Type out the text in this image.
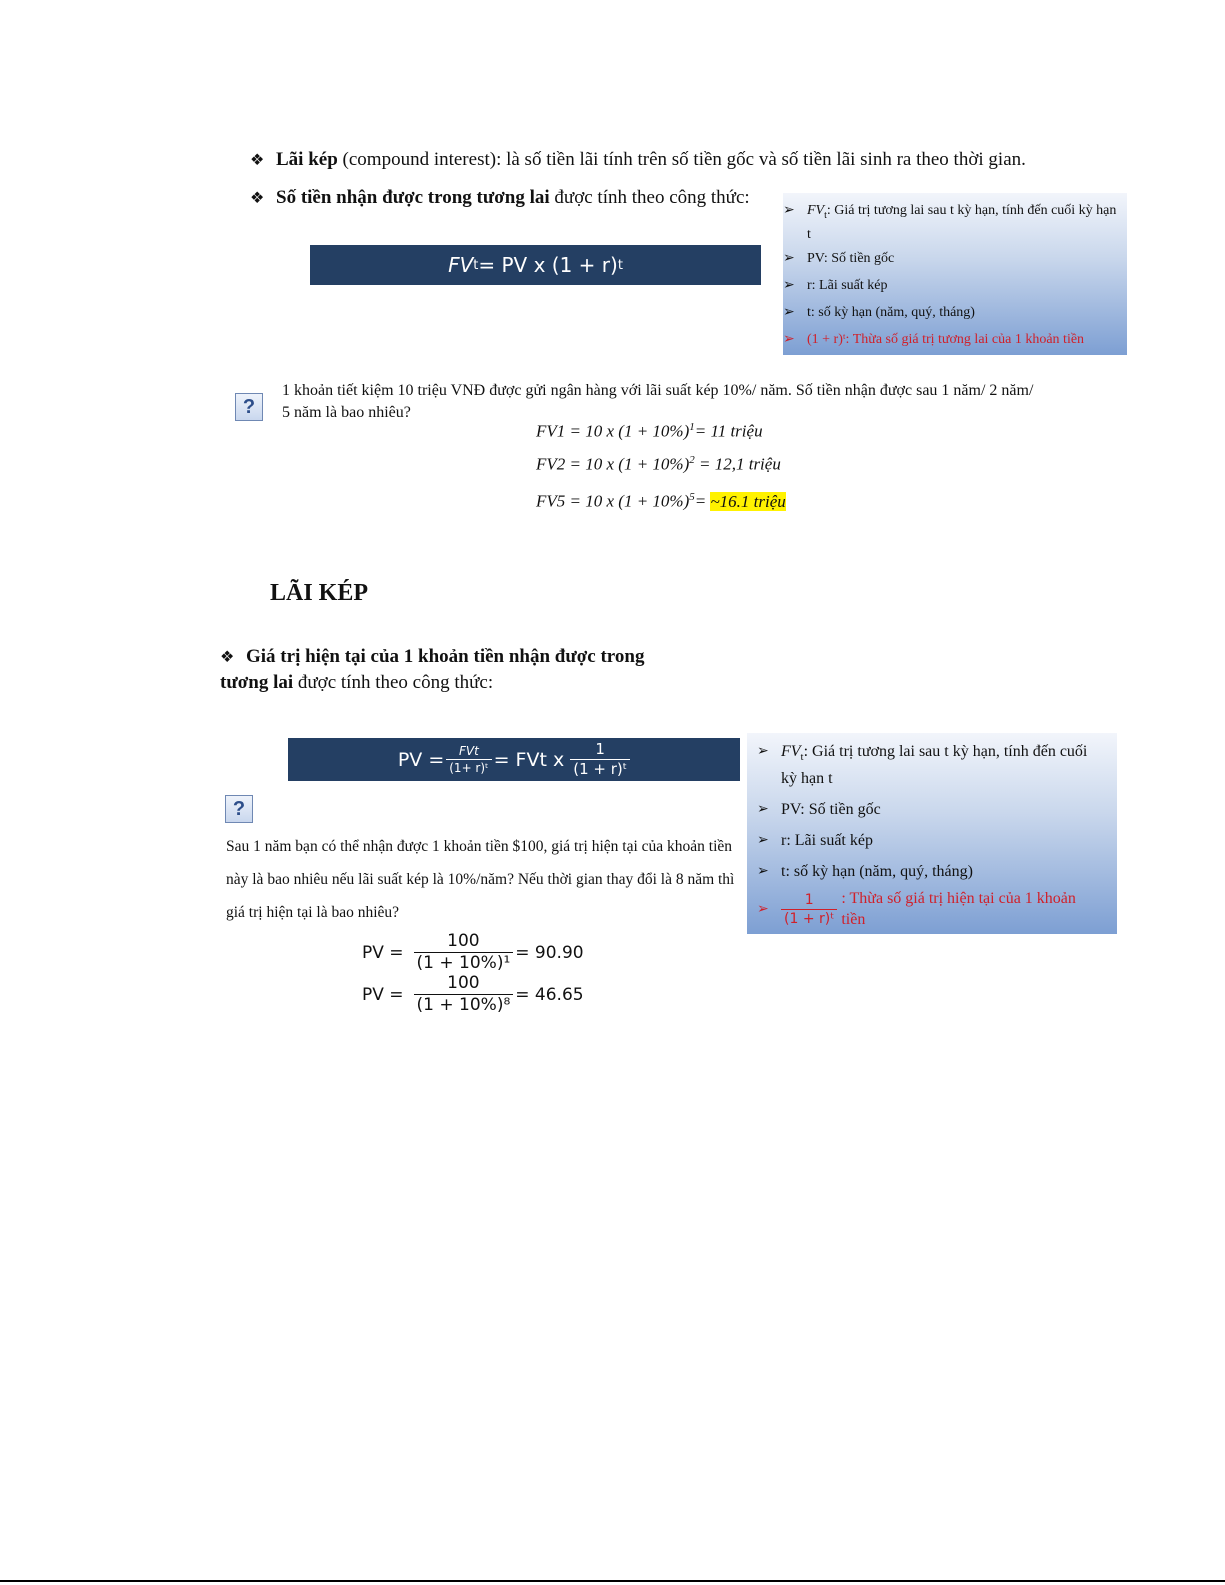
❖ Lãi kép (compound interest): là số tiền lãi tính trên số tiền gốc và số tiền lãi sinh ra theo thời gian.
❖ Số tiền nhận được trong tương lai được tính theo công thức:
FV t = PV x (1 + r) t
➢ $FV_t$: Giá trị tương lai sau t kỳ hạn, tính đến cuối kỳ hạn t
➢ PV: Số tiền gốc
➢ r: Lãi suất kép
➢ t: số kỳ hạn (năm, quý, tháng)
➢ (1 + r)ᵗ: Thừa số giá trị tương lai của 1 khoản tiền
?
1 khoản tiết kiệm 10 triệu VNĐ được gửi ngân hàng với lãi suất kép 10%/ năm. Số tiền nhận được sau 1 năm/ 2 năm/ 5 năm là bao nhiêu?
FV1 = 10 x $(1 + 10\%)^1= 11$ triệu
FV2 = 10 x $(1 + 10\%)^2 = 12,1$ triệu
FV5 = 10 x $(1 + 10\%)^5=$ ~16.1 triệu
LÃI KÉP
❖ Giá trị hiện tại của 1 khoản tiền nhận được trong tương lai được tính theo công thức:
PV = $\frac{\text{FVt}}{\text{(1+ r)ᵗ}}$ = FVt x $\frac{1}{\text{(1 + r)ᵗ}}$	➢ $FV_t$: Giá trị tương lai sau t kỳ hạn, tính đến cuối kỳ hạn t
➢ PV: Số tiền gốc
➢ r: Lãi suất kép
➢ t: số kỳ hạn (năm, quý, tháng)
➢ $\frac{1}{\text{(1 + r)ᵗ}}$ : Thừa số giá trị hiện tại của 1 khoản tiền
?
Sau 1 năm bạn có thể nhận được 1 khoản tiền $100, giá trị hiện tại của khoản tiền này là bao nhiêu nếu lãi suất kép là 10%/năm? Nếu thời gian thay đổi là 8 năm thì giá trị hiện tại là bao nhiêu?
PV = $\frac{100}{\text{(1 + 10\%)¹}} = 90.90$
PV = $\frac{100}{\text{(1 + 10\%)⁸}} = 46.65$
